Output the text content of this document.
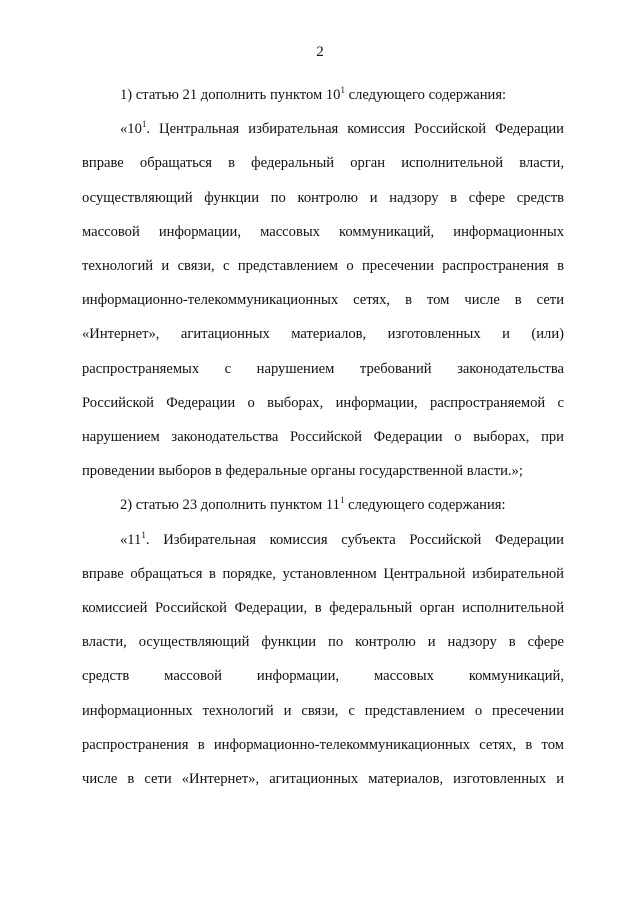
2
1) статью 21 дополнить пунктом $10^1$ следующего содержания:
«$10^1$. Центральная избирательная комиссия Российской Федерации
вправе обращаться в федеральный орган исполнительной власти,
осуществляющий функции по контролю и надзору в сфере средств
массовой информации, массовых коммуникаций, информационных
технологий и связи, с представлением о пресечении распространения в
информационно-телекоммуникационных сетях, в том числе в сети
«Интернет», агитационных материалов, изготовленных и (или)
распространяемых с нарушением требований законодательства
Российской Федерации о выборах, информации, распространяемой с
нарушением законодательства Российской Федерации о выборах, при
проведении выборов в федеральные органы государственной власти.»;
2) статью 23 дополнить пунктом $11^1$ следующего содержания:
«$11^1$. Избирательная комиссия субъекта Российской Федерации
вправе обращаться в порядке, установленном Центральной избирательной
комиссией Российской Федерации, в федеральный орган исполнительной
власти, осуществляющий функции по контролю и надзору в сфере
средств массовой информации, массовых коммуникаций,
информационных технологий и связи, с представлением о пресечении
распространения в информационно-телекоммуникационных сетях, в том
числе в сети «Интернет», агитационных материалов, изготовленных и
